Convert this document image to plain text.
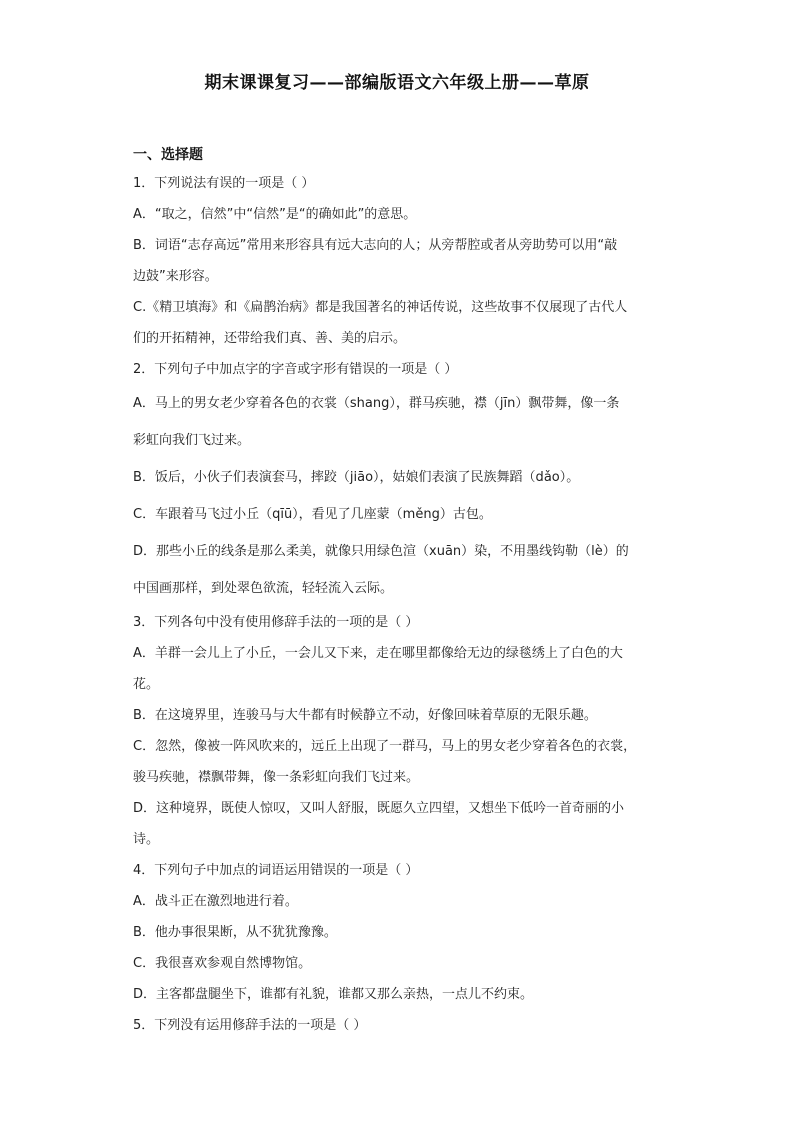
期末课课复习——部编版语文六年级上册——草原
一、选择题
1．下列说法有误的一项是（ ）
A．“取之，信然”中“信然”是“的确如此”的意思。
B．词语“志存高远”常用来形容具有远大志向的人；从旁帮腔或者从旁助势可以用“敲
边鼓”来形容。
C.《精卫填海》和《扁鹊治病》都是我国著名的神话传说，这些故事不仅展现了古代人
们的开拓精神，还带给我们真、善、美的启示。
2．下列句子中加点字的字音或字形有错误的一项是（ ）
A．马上的男女老少穿着各色的衣裳（shang），群马疾驰，襟（jīn）飘带舞，像一条
彩虹向我们飞过来。
B．饭后，小伙子们表演套马，摔跤（jiāo），姑娘们表演了民族舞蹈（dǎo）。
C．车跟着马飞过小丘（qīū），看见了几座蒙（měng）古包。
D．那些小丘的线条是那么柔美，就像只用绿色渲（xuān）染，不用墨线钩勒（lè）的
中国画那样，到处翠色欲流，轻轻流入云际。
3．下列各句中没有使用修辞手法的一项的是（ ）
A．羊群一会儿上了小丘，一会儿又下来，走在哪里都像给无边的绿毯绣上了白色的大
花。
B．在这境界里，连骏马与大牛都有时候静立不动，好像回味着草原的无限乐趣。
C．忽然，像被一阵风吹来的，远丘上出现了一群马，马上的男女老少穿着各色的衣裳，
骏马疾驰，襟飘带舞，像一条彩虹向我们飞过来。
D．这种境界，既使人惊叹，又叫人舒服，既愿久立四望，又想坐下低吟一首奇丽的小
诗。
4．下列句子中加点的词语运用错误的一项是（ ）
A．战斗正在激烈地进行着。
B．他办事很果断，从不犹犹豫豫。
C．我很喜欢参观自然博物馆。
D．主客都盘腿坐下，谁都有礼貌，谁都又那么亲热，一点儿不约束。
5．下列没有运用修辞手法的一项是（ ）
